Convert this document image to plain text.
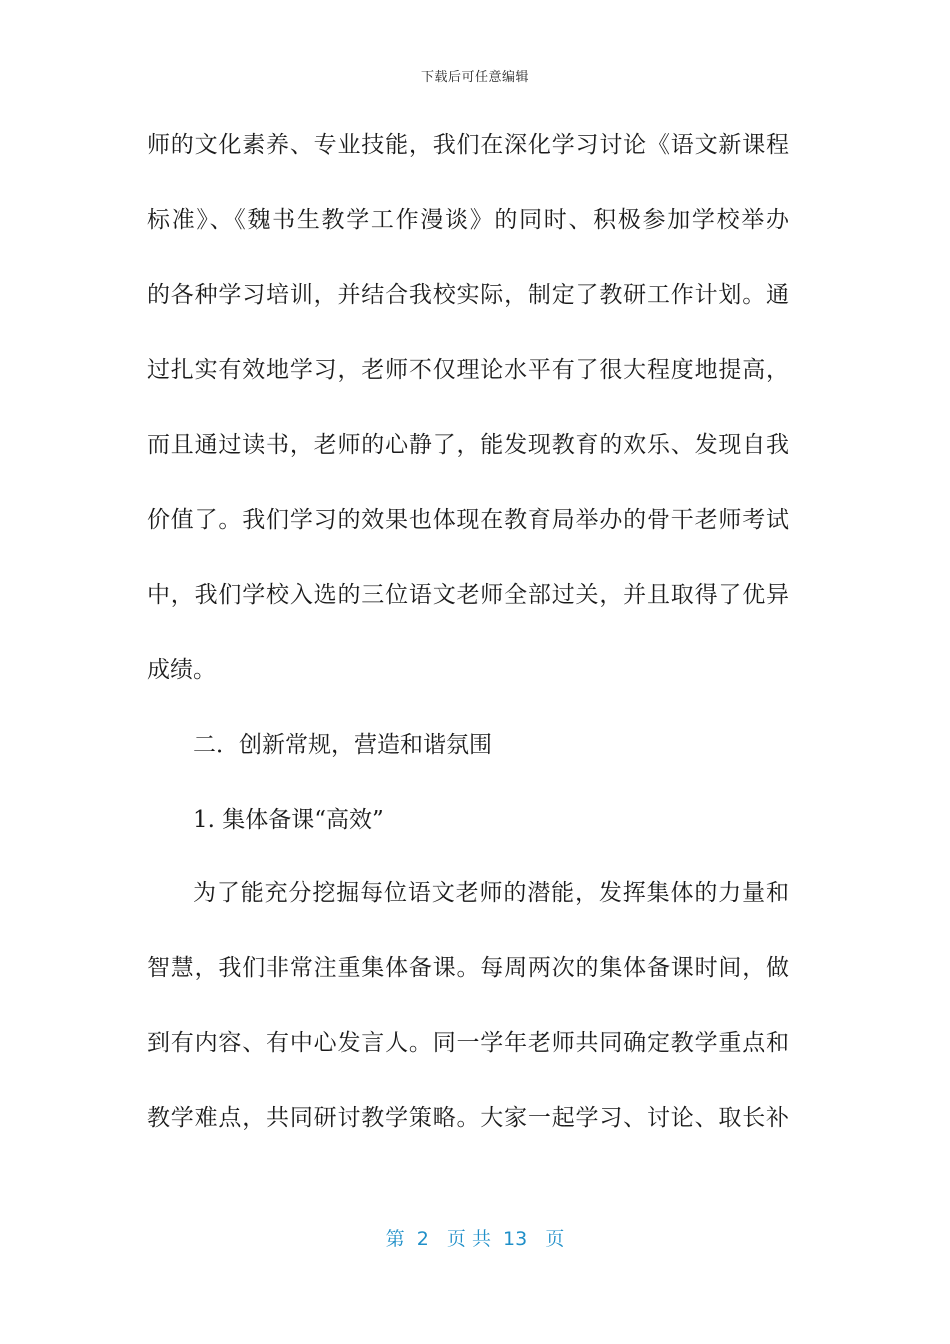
下载后可任意编辑
师的文化素养、专业技能，我们在深化学习讨论《语文新课程
标准》、《魏书生教学工作漫谈》的同时、积极参加学校举办
的各种学习培训，并结合我校实际，制定了教研工作计划。通
过扎实有效地学习，老师不仅理论水平有了很大程度地提高，
而且通过读书，老师的心静了，能发现教育的欢乐、发现自我
价值了。我们学习的效果也体现在教育局举办的骨干老师考试
中，我们学校入选的三位语文老师全部过关，并且取得了优异
成绩。
二．创新常规，营造和谐氛围
1. 集体备课“高效”
为了能充分挖掘每位语文老师的潜能，发挥集体的力量和
智慧，我们非常注重集体备课。每周两次的集体备课时间，做
到有内容、有中心发言人。同一学年老师共同确定教学重点和
教学难点，共同研讨教学策略。大家一起学习、讨论、取长补
第  2   页 共  13   页
